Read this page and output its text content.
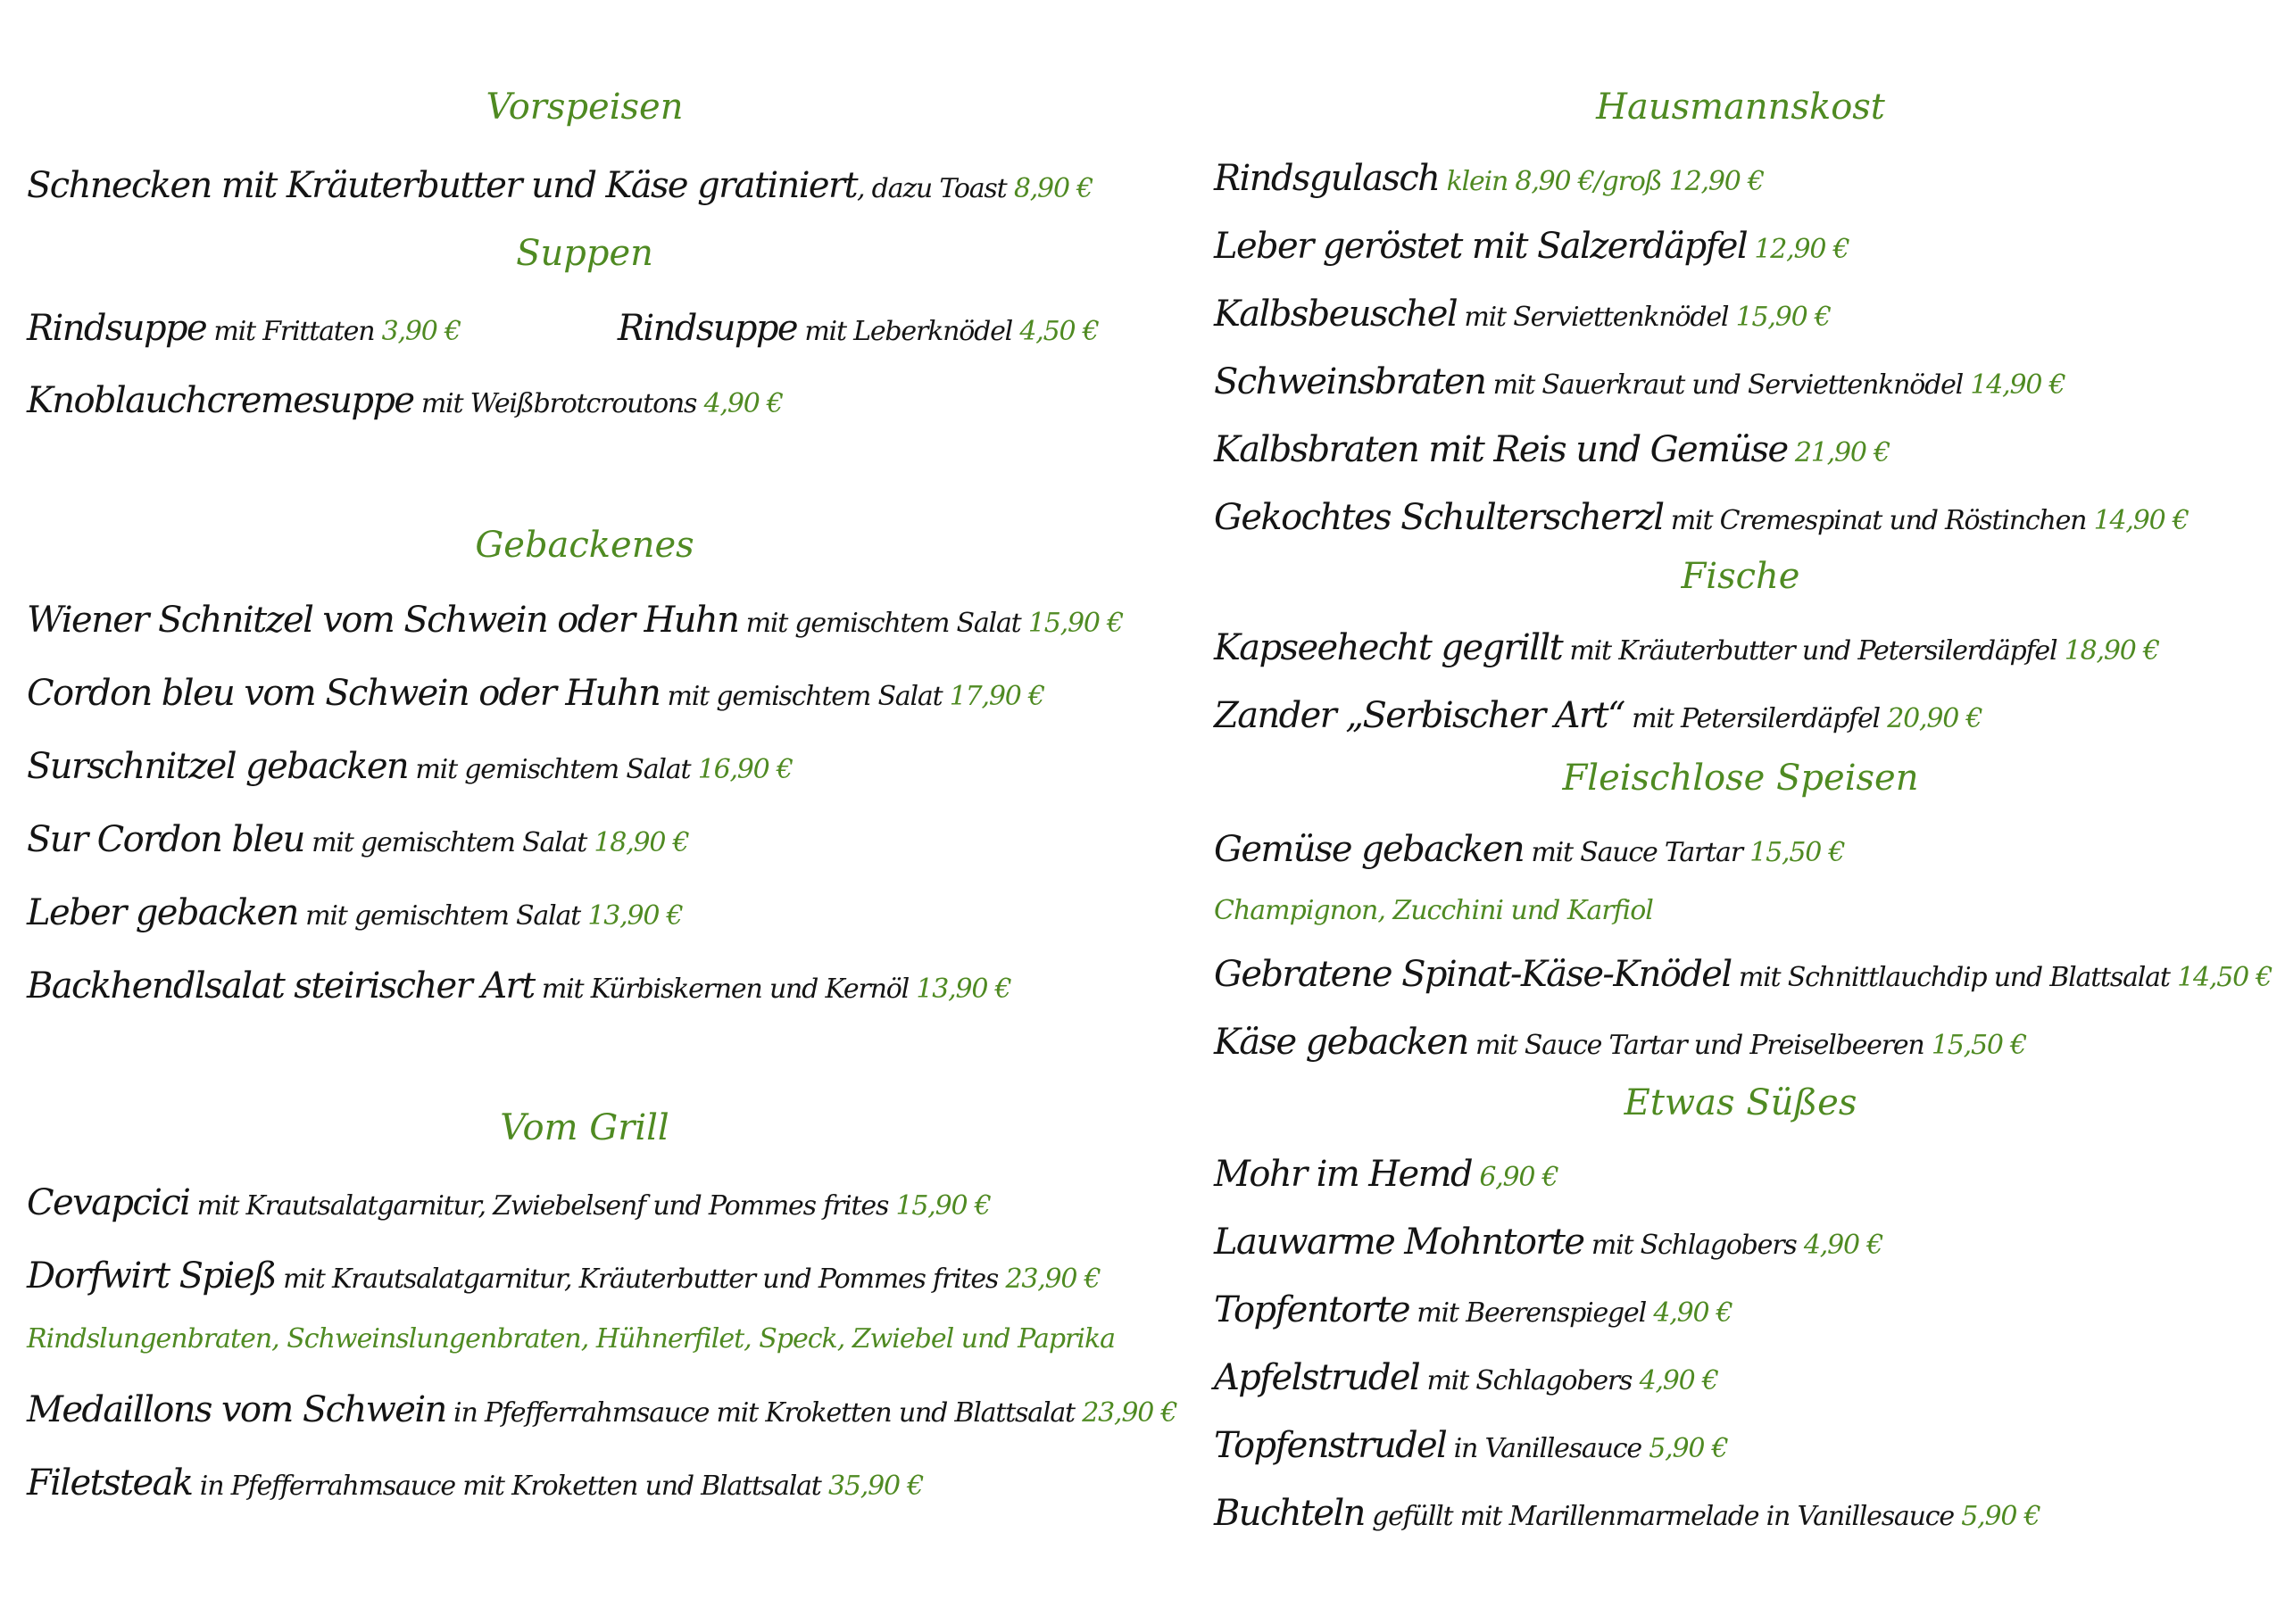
Vorspeisen
Schnecken mit Kräuterbutter und Käse gratiniert, dazu Toast 8,90 €
Suppen
Rindsuppe mit Frittaten 3,90 €	Rindsuppe mit Leberknödel 4,50 €
Knoblauchcremesuppe mit Weißbrotcroutons 4,90 €
Gebackenes
Wiener Schnitzel vom Schwein oder Huhn mit gemischtem Salat 15,90 €
Cordon bleu vom Schwein oder Huhn mit gemischtem Salat 17,90 €
Surschnitzel gebacken mit gemischtem Salat 16,90 €
Sur Cordon bleu mit gemischtem Salat 18,90 €
Leber gebacken mit gemischtem Salat 13,90 €
Backhendlsalat steirischer Art mit Kürbiskernen und Kernöl 13,90 €
Vom Grill
Cevapcici mit Krautsalatgarnitur, Zwiebelsenf und Pommes frites 15,90 €
Dorfwirt Spieß mit Krautsalatgarnitur, Kräuterbutter und Pommes frites 23,90 €
Rindslungenbraten, Schweinslungenbraten, Hühnerfilet, Speck, Zwiebel und Paprika
Medaillons vom Schwein in Pfefferrahmsauce mit Kroketten und Blattsalat 23,90 €
Filetsteak in Pfefferrahmsauce mit Kroketten und Blattsalat 35,90 €
Hausmannskost
Rindsgulasch klein 8,90 €/groß 12,90 €
Leber geröstet mit Salzerdäpfel 12,90 €
Kalbsbeuschel mit Serviettenknödel 15,90 €
Schweinsbraten mit Sauerkraut und Serviettenknödel 14,90 €
Kalbsbraten mit Reis und Gemüse 21,90 €
Gekochtes Schulterscherzl mit Cremespinat und Röstinchen 14,90 €
Fische
Kapseehecht gegrillt mit Kräuterbutter und Petersilerdäpfel 18,90 €
Zander „Serbischer Art“ mit Petersilerdäpfel 20,90 €
Fleischlose Speisen
Gemüse gebacken mit Sauce Tartar 15,50 €
Champignon, Zucchini und Karfiol
Gebratene Spinat-Käse-Knödel mit Schnittlauchdip und Blattsalat 14,50 €
Käse gebacken mit Sauce Tartar und Preiselbeeren 15,50 €
Etwas Süßes
Mohr im Hemd 6,90 €
Lauwarme Mohntorte mit Schlagobers 4,90 €
Topfentorte mit Beerenspiegel 4,90 €
Apfelstrudel mit Schlagobers 4,90 €
Topfenstrudel in Vanillesauce 5,90 €
Buchteln gefüllt mit Marillenmarmelade in Vanillesauce 5,90 €
